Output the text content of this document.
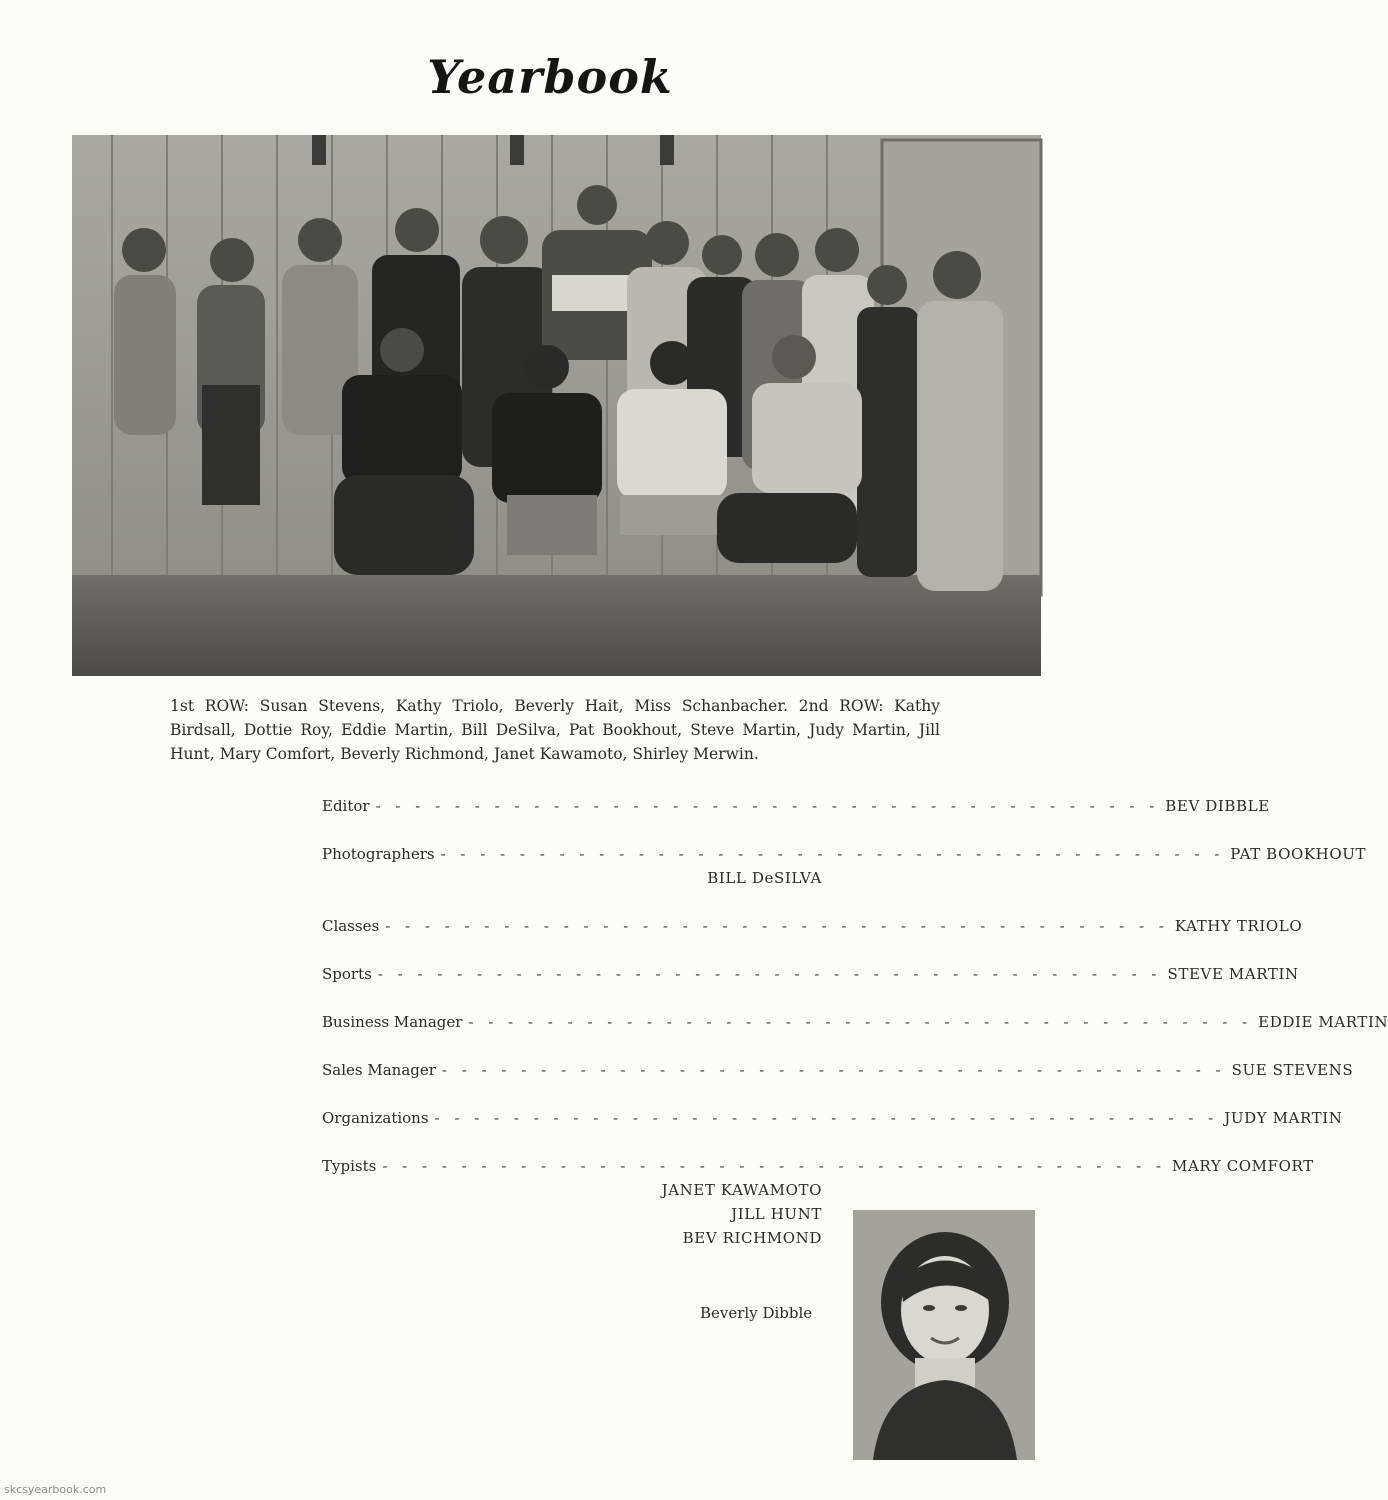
Yearbook
1st ROW: Susan Stevens, Kathy Triolo, Beverly Hait, Miss Schanbacher. 2nd ROW: Kathy Birdsall, Dottie Roy, Eddie Martin, Bill DeSilva, Pat Bookhout, Steve Martin, Judy Martin, Jill Hunt, Mary Comfort, Beverly Richmond, Janet Kawamoto, Shirley Merwin.
Editor - - - - - - - - - - - - - - - - - - - - - - - - - - - - - - - - - - - - - - - - BEV DIBBLE
Photographers - - - - - - - - - - - - - - - - - - - - - - - - - - - - - - - - - - - - - - - - PAT BOOKHOUT
BILL DeSILVA
Classes - - - - - - - - - - - - - - - - - - - - - - - - - - - - - - - - - - - - - - - - KATHY TRIOLO
Sports - - - - - - - - - - - - - - - - - - - - - - - - - - - - - - - - - - - - - - - - STEVE MARTIN
Business Manager - - - - - - - - - - - - - - - - - - - - - - - - - - - - - - - - - - - - - - - - EDDIE MARTIN
Sales Manager - - - - - - - - - - - - - - - - - - - - - - - - - - - - - - - - - - - - - - - - SUE STEVENS
Organizations - - - - - - - - - - - - - - - - - - - - - - - - - - - - - - - - - - - - - - - - JUDY MARTIN
Typists - - - - - - - - - - - - - - - - - - - - - - - - - - - - - - - - - - - - - - - - MARY COMFORT
JANET KAWAMOTO
JILL HUNT
BEV RICHMOND
Beverly Dibble
skcsyearbook.com
